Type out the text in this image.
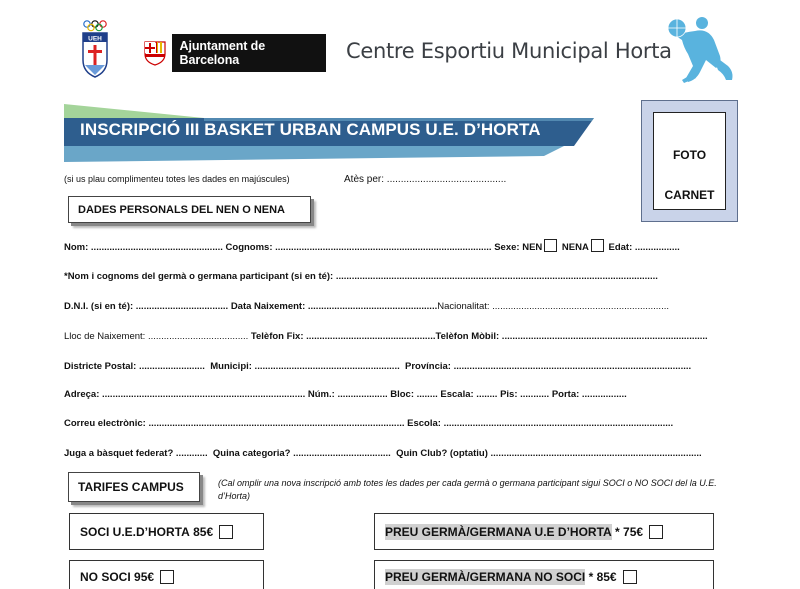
UEH	Ajuntament de Barcelona	Centre Esportiu Municipal Horta
INSCRIPCIÓ III BASKET URBAN CAMPUS U.E. D’HORTA
FOTO
CARNET
(si us plau complimenteu totes les dades en majúscules)	Atès per: ...........................................
DADES PERSONALS DEL NEN O NENA
Nom: .................................................. Cognoms: .................................................................................. Sexe: NEN NENA Edat: .................
*Nom i cognoms del germà o germana participant (si en té): ..........................................................................................................................
D.N.I. (si en té): ................................... Data Naixement: .................................................Nacionalitat: ...................................................................
Lloc de Naixement: ...................................... Telèfon Fix: .................................................Telèfon Mòbil: ..............................................................................
Districte Postal: ......................... Municipi: ....................................................... Província: ..........................................................................................
Adreça: ............................................................................. Núm.: ................... Bloc: ........ Escala: ........ Pis: ........... Porta: .................
Correu electrònic: ................................................................................................. Escola: .......................................................................................
Juga a bàsquet federat? ............ Quina categoria? ..................................... Quin Club? (optatiu) ................................................................................
TARIFES CAMPUS	(Cal omplir una nova inscripció amb totes les dades per cada germà o germana participant sigui SOCI o NO SOCI del la U.E. d’Horta)
SOCI U.E.D’HORTA
85€	PREU GERMÀ/GERMANA U.E D’HORTA
* 75€
NO SOCI
95€	PREU GERMÀ/GERMANA NO SOCI
* 85€
